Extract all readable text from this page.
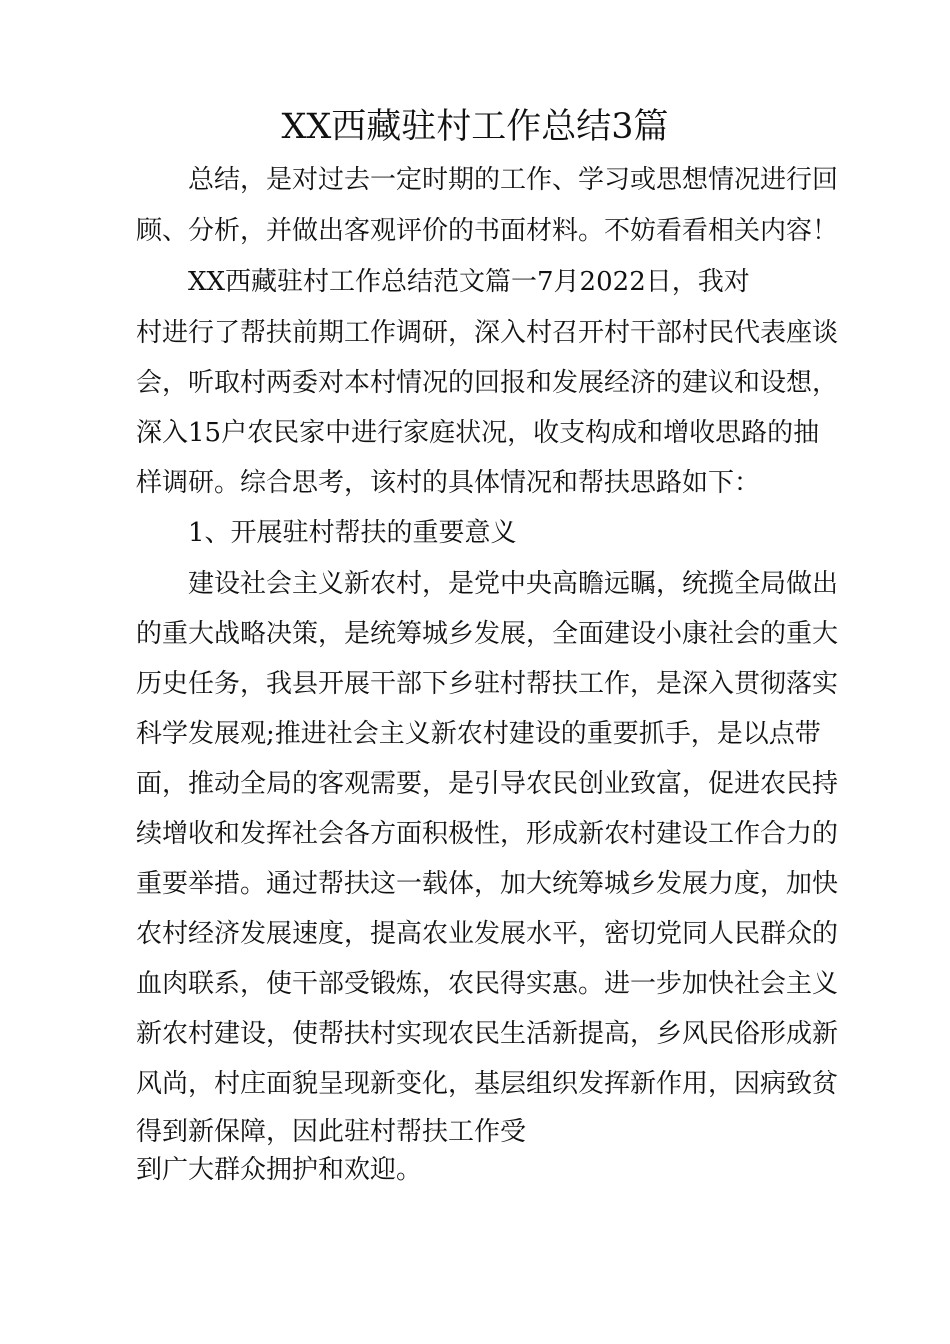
XX西藏驻村工作总结3篇

总结，是对过去一定时期的工作、学习或思想情况进行回

顾、分析，并做出客观评价的书面材料。不妨看看相关内容！

XX西藏驻村工作总结范文篇一7月2022日，我对

村进行了帮扶前期工作调研，深入村召开村干部村民代表座谈

会，听取村两委对本村情况的回报和发展经济的建议和设想，

深入15户农民家中进行家庭状况，收支构成和增收思路的抽

样调研。综合思考，该村的具体情况和帮扶思路如下：

1、开展驻村帮扶的重要意义

建设社会主义新农村，是党中央高瞻远瞩，统揽全局做出

的重大战略决策，是统筹城乡发展，全面建设小康社会的重大

历史任务，我县开展干部下乡驻村帮扶工作，是深入贯彻落实

科学发展观;推进社会主义新农村建设的重要抓手，是以点带

面，推动全局的客观需要，是引导农民创业致富，促进农民持

续增收和发挥社会各方面积极性，形成新农村建设工作合力的

重要举措。通过帮扶这一载体，加大统筹城乡发展力度，加快

农村经济发展速度，提高农业发展水平，密切党同人民群众的

血肉联系，使干部受锻炼，农民得实惠。进一步加快社会主义

新农村建设，使帮扶村实现农民生活新提高，乡风民俗形成新

风尚，村庄面貌呈现新变化，基层组织发挥新作用，因病致贫

得到新保障，因此驻村帮扶工作受

到广大群众拥护和欢迎。
